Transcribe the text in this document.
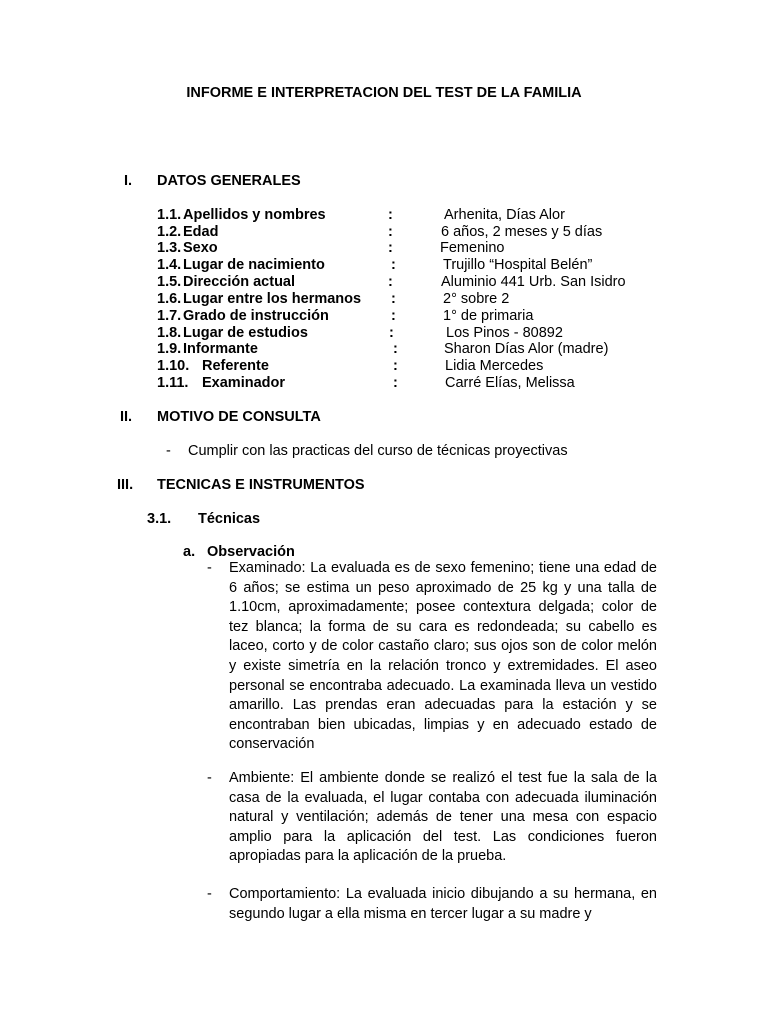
INFORME E INTERPRETACION DEL TEST DE LA FAMILIA
I. DATOS GENERALES
1.1. Apellidos y nombres	:	Arhenita, Días Alor
1.2. Edad	:	6 años, 2 meses y 5 días
1.3. Sexo	:	Femenino
1.4. Lugar de nacimiento	:	Trujillo “Hospital Belén”
1.5. Dirección actual	:	Aluminio 441 Urb. San Isidro
1.6. Lugar entre los hermanos :	2° sobre 2
1.7. Grado de instrucción	:	1° de primaria
1.8. Lugar de estudios	:	Los Pinos - 80892
1.9. Informante	:	Sharon Días Alor (madre)
1.10. Referente	:	Lidia Mercedes
1.11. Examinador	:	Carré Elías, Melissa
II. MOTIVO DE CONSULTA
- Cumplir con las practicas del curso de técnicas proyectivas
III. TECNICAS E INSTRUMENTOS
3.1. Técnicas
a. Observación
- Examinado: La evaluada es de sexo femenino; tiene una edad de 6 años; se estima un peso aproximado de 25 kg y una talla de 1.10cm, aproximadamente; posee contextura delgada; color de tez blanca; la forma de su cara es redondeada; su cabello es laceo, corto y de color castaño claro; sus ojos son de color melón y existe simetría en la relación tronco y extremidades. El aseo personal se encontraba adecuado. La examinada lleva un vestido amarillo. Las prendas eran adecuadas para la estación y se encontraban bien ubicadas, limpias y en adecuado estado de conservación
- Ambiente: El ambiente donde se realizó el test fue la sala de la casa de la evaluada, el lugar contaba con adecuada iluminación natural y ventilación; además de tener una mesa con espacio amplio para la aplicación del test. Las condiciones fueron apropiadas para la aplicación de la prueba.
- Comportamiento: La evaluada inicio dibujando a su hermana, en segundo lugar a ella misma en tercer lugar a su madre y
